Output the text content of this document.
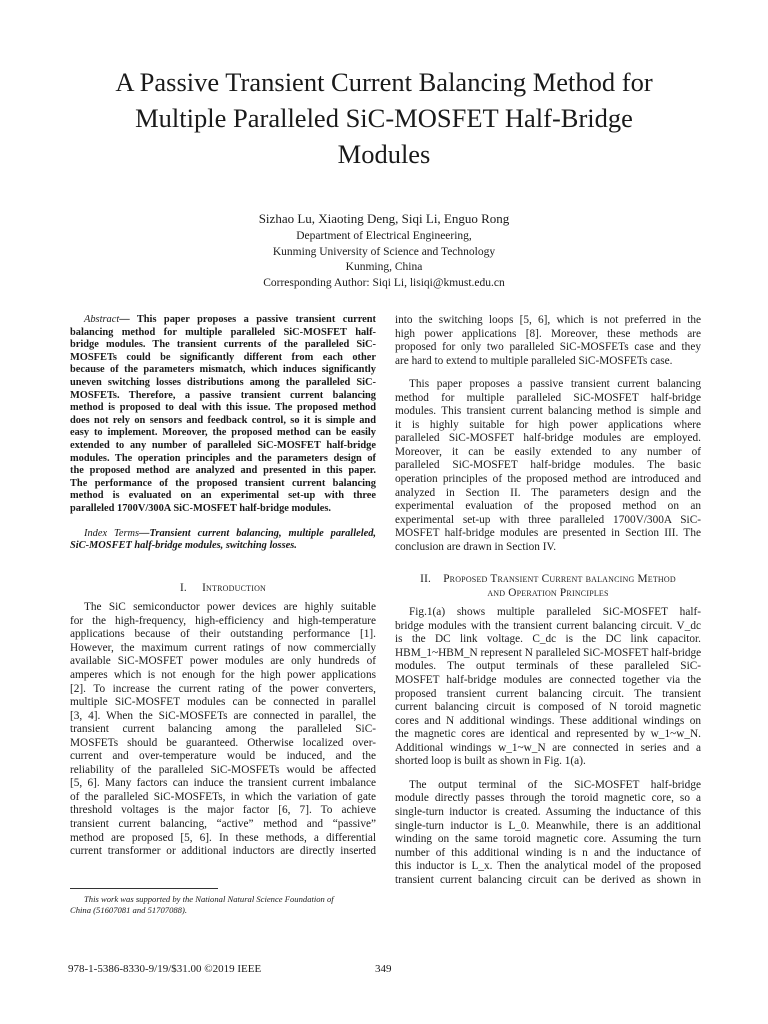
A Passive Transient Current Balancing Method for
Multiple Paralleled SiC-MOSFET Half-Bridge
Modules
Sizhao Lu, Xiaoting Deng, Siqi Li, Enguo Rong
Department of Electrical Engineering,
Kunming University of Science and Technology
Kunming, China
Corresponding Author: Siqi Li, lisiqi@kmust.edu.cn

Abstract— This paper proposes a passive transient current
balancing method for multiple paralleled SiC-MOSFET half-
bridge modules. The transient currents of the paralleled SiC-
MOSFETs could be significantly different from each other
because of the parameters mismatch, which induces significantly
uneven switching losses distributions among the paralleled SiC-
MOSFETs. Therefore, a passive transient current balancing
method is proposed to deal with this issue. The proposed method
does not rely on sensors and feedback control, so it is simple and
easy to implement. Moreover, the proposed method can be easily
extended to any number of paralleled SiC-MOSFET half-bridge
modules. The operation principles and the parameters design of
the proposed method are analyzed and presented in this paper.
The performance of the proposed transient current balancing
method is evaluated on an experimental set-up with three
paralleled 1700V/300A SiC-MOSFET half-bridge modules.

Index Terms—Transient current balancing, multiple paralleled,
SiC-MOSFET half-bridge modules, switching losses.

I. Introduction

The SiC semiconductor power devices are highly suitable
for the high-frequency, high-efficiency and high-temperature
applications because of their outstanding performance [1].
However, the maximum current ratings of now commercially
available SiC-MOSFET power modules are only hundreds of
amperes which is not enough for the high power applications
[2]. To increase the current rating of the power converters,
multiple SiC-MOSFET modules can be connected in parallel
[3, 4]. When the SiC-MOSFETs are connected in parallel, the
transient current balancing among the paralleled SiC-
MOSFETs should be guaranteed. Otherwise localized over-
current and over-temperature would be induced, and the
reliability of the paralleled SiC-MOSFETs would be affected
[5, 6]. Many factors can induce the transient current imbalance
of the paralleled SiC-MOSFETs, in which the variation of gate
threshold voltages is the major factor [6, 7]. To achieve
transient current balancing, “active” method and “passive”
method are proposed [5, 6]. In these methods, a differential
current transformer or additional inductors are directly inserted

This work was supported by the National Natural Science Foundation of
China (51607081 and 51707088).

into the switching loops [5, 6], which is not preferred in the
high power applications [8]. Moreover, these methods are
proposed for only two paralleled SiC-MOSFETs case and they
are hard to extend to multiple paralleled SiC-MOSFETs case.

This paper proposes a passive transient current balancing
method for multiple paralleled SiC-MOSFET half-bridge
modules. This transient current balancing method is simple and
it is highly suitable for high power applications where
paralleled SiC-MOSFET half-bridge modules are employed.
Moreover, it can be easily extended to any number of
paralleled SiC-MOSFET half-bridge modules. The basic
operation principles of the proposed method are introduced and
analyzed in Section II. The parameters design and the
experimental evaluation of the proposed method on an
experimental set-up with three paralleled 1700V/300A SiC-
MOSFET half-bridge modules are presented in Section III. The
conclusion are drawn in Section IV.

II. Proposed Transient Current balancing Method
and Operation Principles

Fig.1(a) shows multiple paralleled SiC-MOSFET half-
bridge modules with the transient current balancing circuit. V_dc
is the DC link voltage. C_dc is the DC link capacitor.
HBM_1~HBM_N represent N paralleled SiC-MOSFET half-bridge
modules. The output terminals of these paralleled SiC-
MOSFET half-bridge modules are connected together via the
proposed transient current balancing circuit. The transient
current balancing circuit is composed of N toroid magnetic
cores and N additional windings. These additional windings on
the magnetic cores are identical and represented by w_1~w_N.
Additional windings w_1~w_N are connected in series and a
shorted loop is built as shown in Fig. 1(a).

The output terminal of the SiC-MOSFET half-bridge
module directly passes through the toroid magnetic core, so a
single-turn inductor is created. Assuming the inductance of this
single-turn inductor is L_0. Meanwhile, there is an additional
winding on the same toroid magnetic core. Assuming the turn
number of this additional winding is n and the inductance of
this inductor is L_x. Then the analytical model of the proposed
transient current balancing circuit can be derived as shown in

978-1-5386-8330-9/19/$31.00 ©2019 IEEE	349
